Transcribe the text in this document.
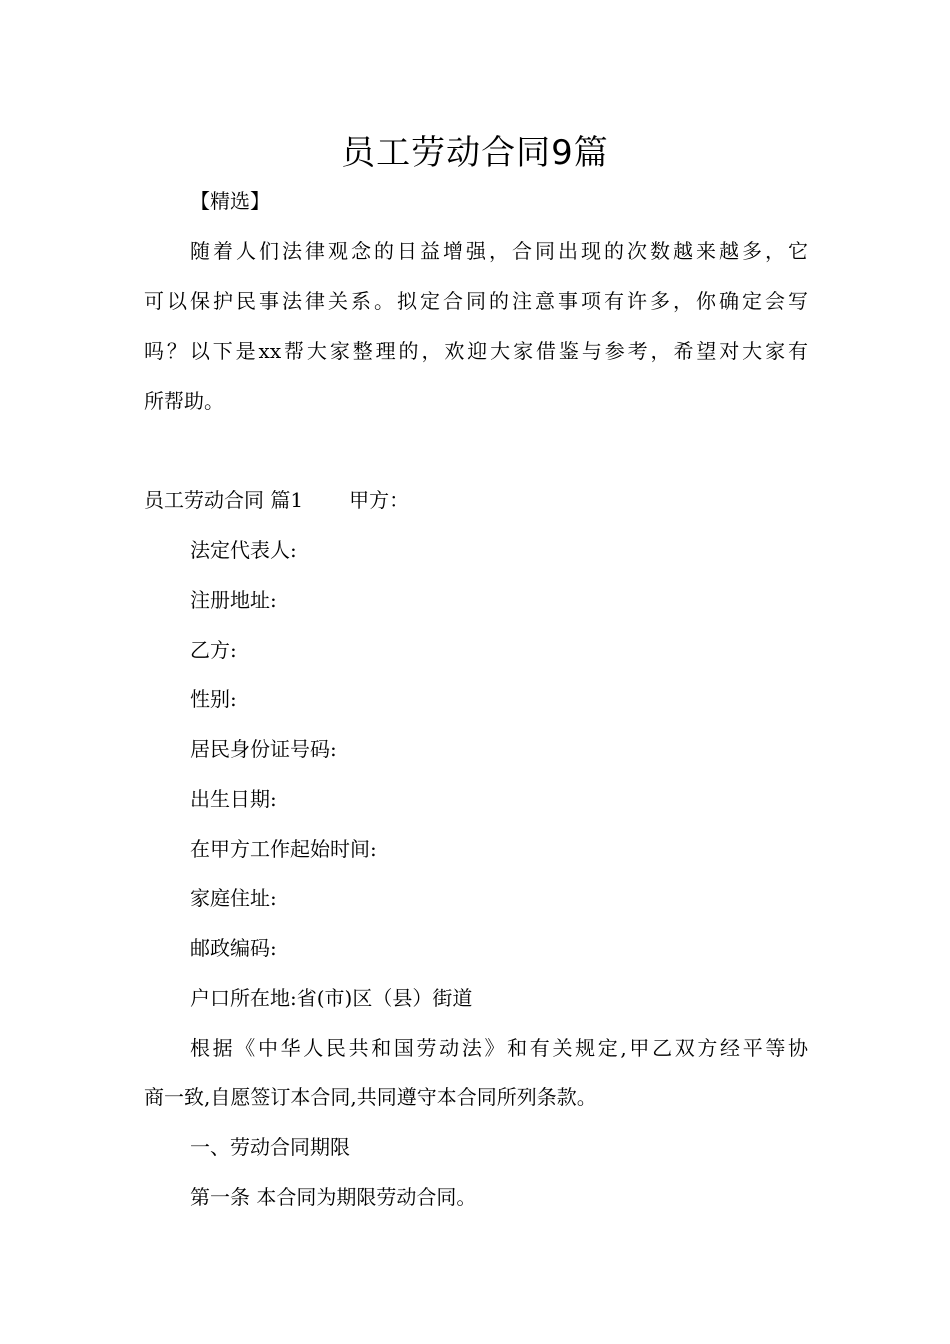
员工劳动合同9篇
【精选】
随着人们法律观念的日益增强，合同出现的次数越来越多，它
可以保护民事法律关系。拟定合同的注意事项有许多，你确定会写
吗？以下是xx帮大家整理的，欢迎大家借鉴与参考，希望对大家有
所帮助。
员工劳动合同 篇1 甲方：
法定代表人:
注册地址:
乙方:
性别:
居民身份证号码:
出生日期:
在甲方工作起始时间:
家庭住址:
邮政编码:
户口所在地:省(市)区（县）街道
根据《中华人民共和国劳动法》和有关规定,甲乙双方经平等协
商一致,自愿签订本合同,共同遵守本合同所列条款。
一、劳动合同期限
第一条 本合同为期限劳动合同。
